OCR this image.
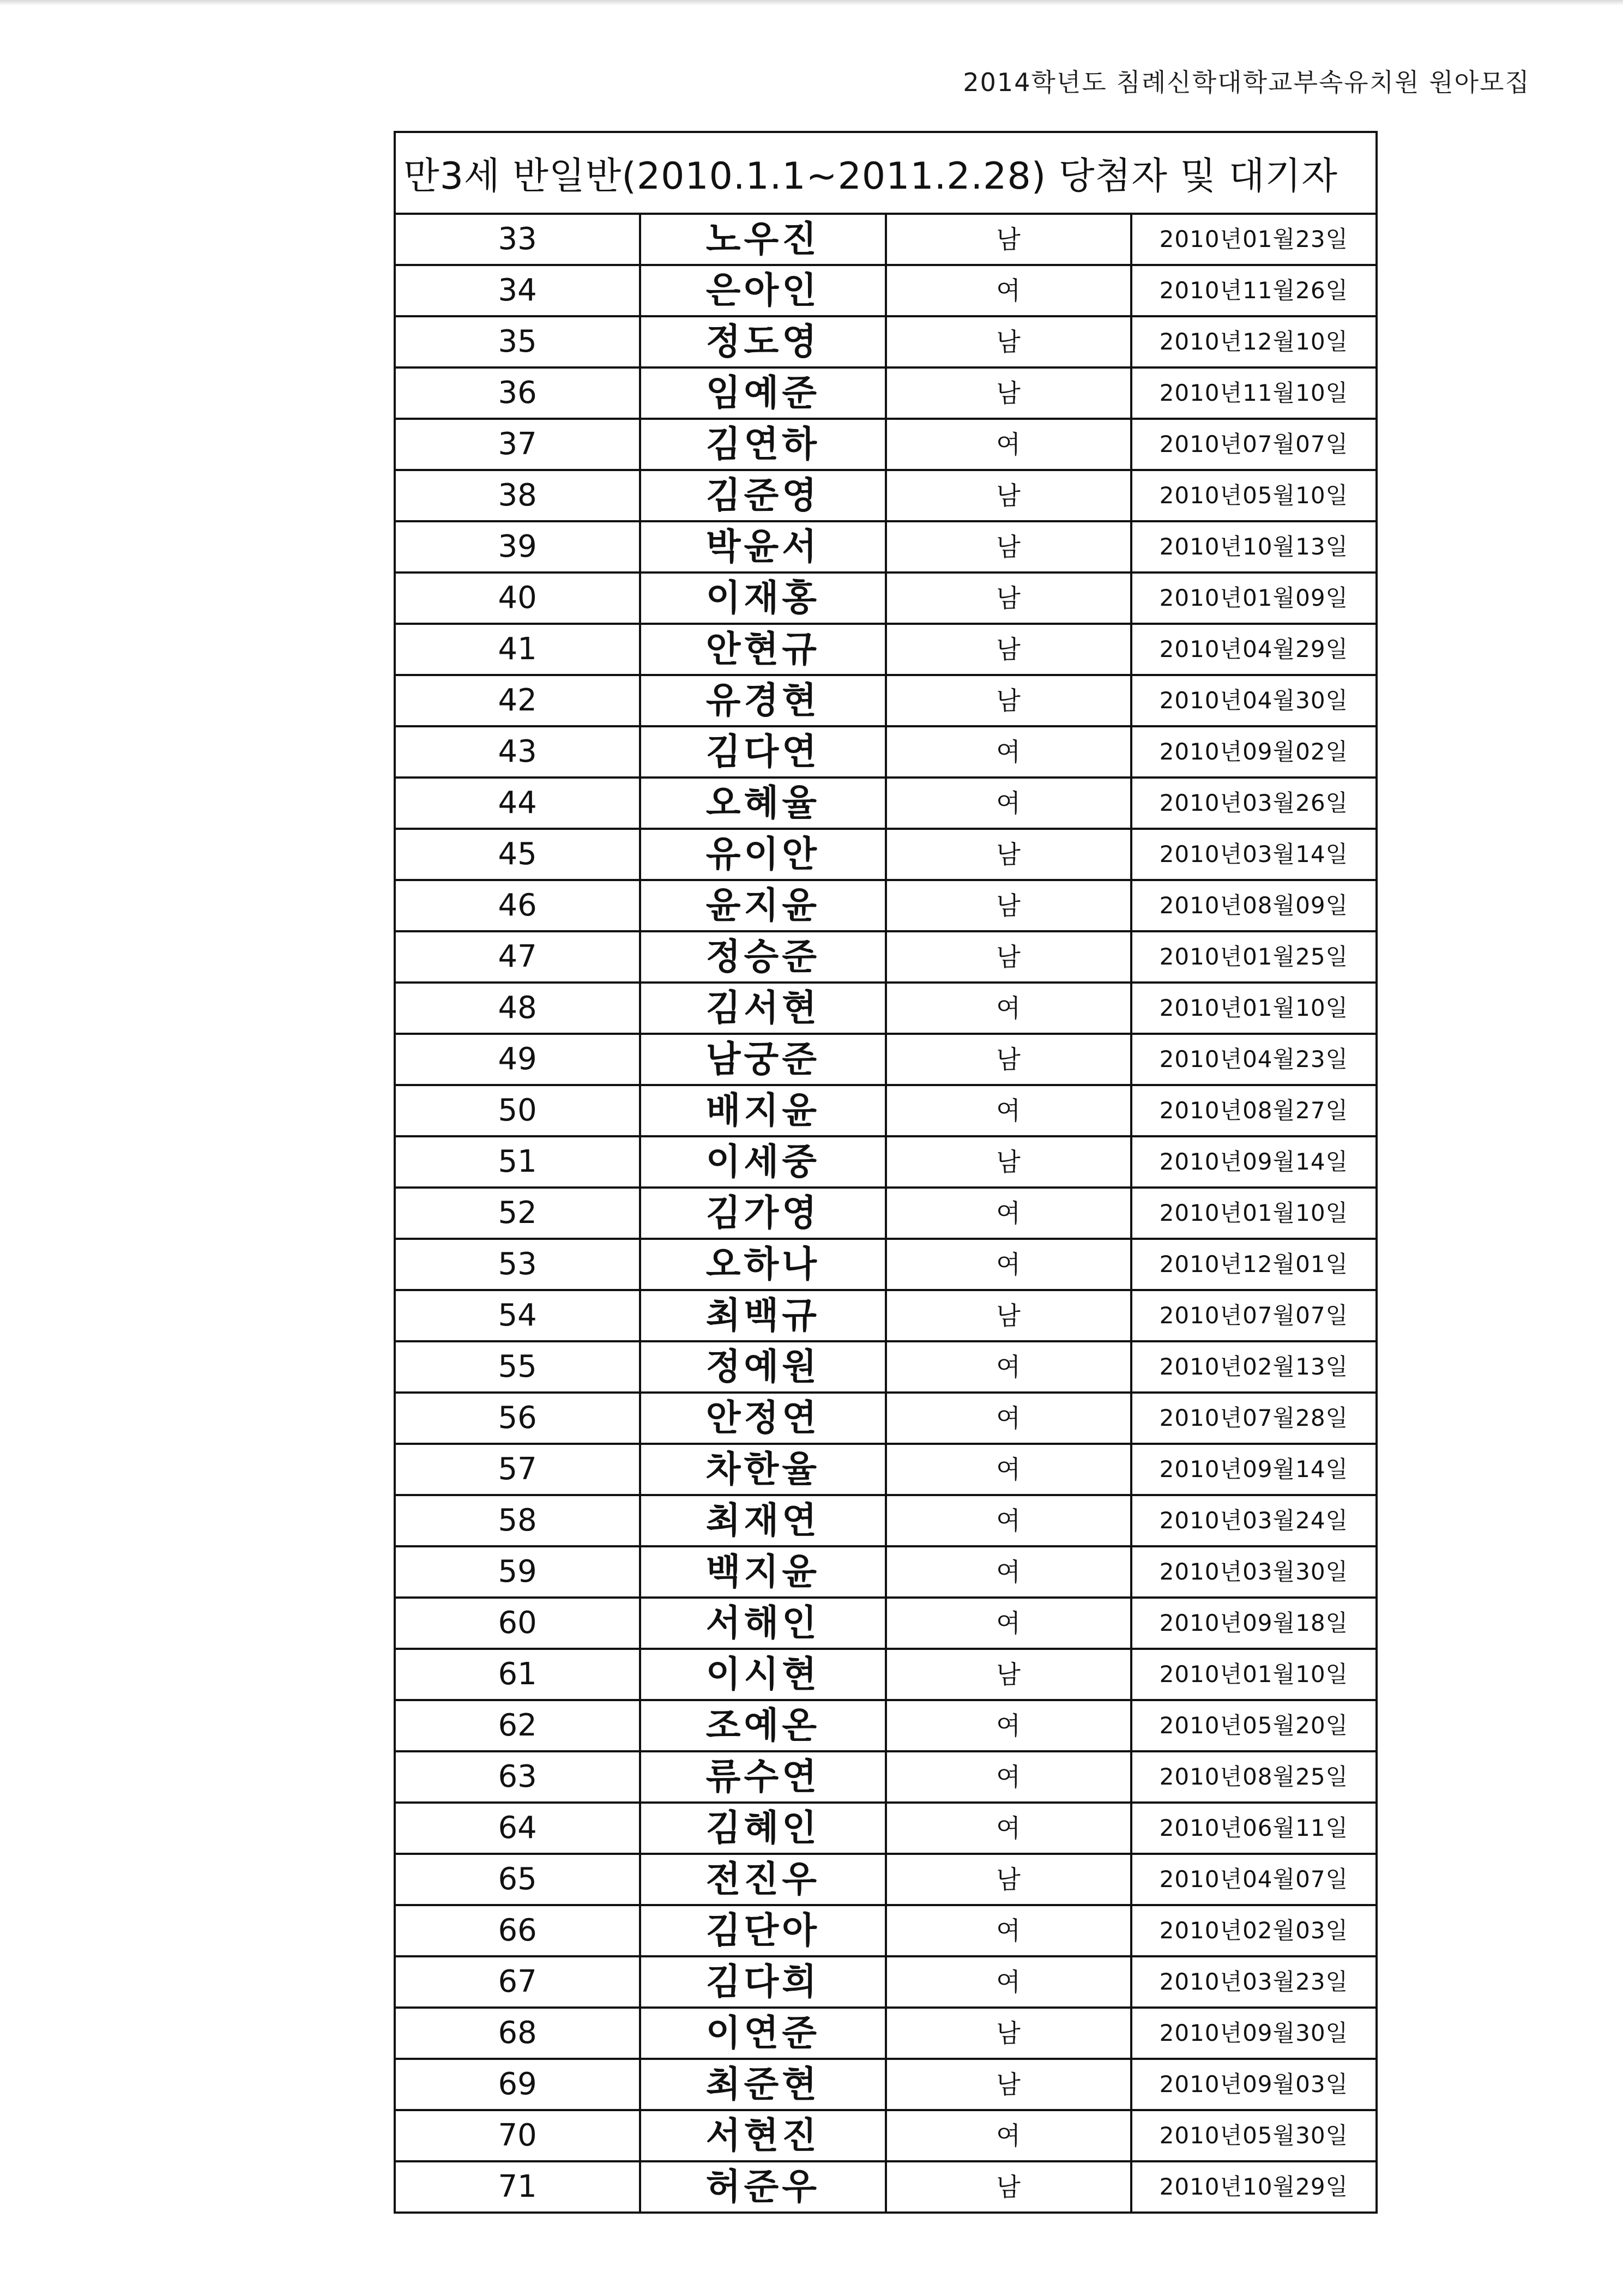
2014학년도 침례신학대학교부속유치원 원아모집
만3세 반일반(2010.1.1~2011.2.28) 당첨자 및 대기자			
33	노우진	남	2010년01월23일
34	은아인	여	2010년11월26일
35	정도영	남	2010년12월10일
36	임예준	남	2010년11월10일
37	김연하	여	2010년07월07일
38	김준영	남	2010년05월10일
39	박윤서	남	2010년10월13일
40	이재홍	남	2010년01월09일
41	안현규	남	2010년04월29일
42	유경현	남	2010년04월30일
43	김다연	여	2010년09월02일
44	오혜율	여	2010년03월26일
45	유이안	남	2010년03월14일
46	윤지윤	남	2010년08월09일
47	정승준	남	2010년01월25일
48	김서현	여	2010년01월10일
49	남궁준	남	2010년04월23일
50	배지윤	여	2010년08월27일
51	이세중	남	2010년09월14일
52	김가영	여	2010년01월10일
53	오하나	여	2010년12월01일
54	최백규	남	2010년07월07일
55	정예원	여	2010년02월13일
56	안정연	여	2010년07월28일
57	차한율	여	2010년09월14일
58	최재연	여	2010년03월24일
59	백지윤	여	2010년03월30일
60	서해인	여	2010년09월18일
61	이시현	남	2010년01월10일
62	조예온	여	2010년05월20일
63	류수연	여	2010년08월25일
64	김혜인	여	2010년06월11일
65	전진우	남	2010년04월07일
66	김단아	여	2010년02월03일
67	김다희	여	2010년03월23일
68	이연준	남	2010년09월30일
69	최준현	남	2010년09월03일
70	서현진	여	2010년05월30일
71	허준우	남	2010년10월29일
